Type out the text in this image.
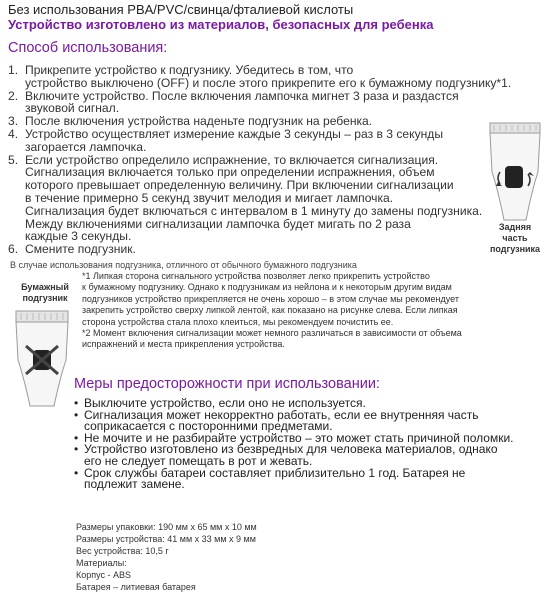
Без использования PBA/PVC/свинца/фталиевой кислоты
Устройство изготовлено из материалов, безопасных для ребенка
Способ использования:
1. Прикрепите устройство к подгузнику. Убедитесь в том, что
устройство выключено (OFF) и после этого прикрепите его к бумажному подгузнику*1.
2. Включите устройство. После включения лампочка мигнет 3 раза и раздастся
звуковой сигнал.
3. После включения устройства наденьте подгузник на ребенка.
4. Устройство осуществляет измерение каждые 3 секунды – раз в 3 секунды
загорается лампочка.
5. Если устройство определило испражнение, то включается сигнализация.
Сигнализация включается только при определении испражнения, объем
которого превышает определенную величину. При включении сигнализации
в течение примерно 5 секунд звучит мелодия и мигает лампочка.
Сигнализация будет включаться с интервалом в 1 минуту до замены подгузника.
Между включениями сигнализации лампочка будет мигать по 2 раза
каждые 3 секунды.
6. Смените подгузник.
Задняя
часть
подгузника
В случае использования подгузника, отличного от обычного бумажного подгузника
Бумажный
подгузник

*1 Липкая сторона сигнального устройства позволяет легко прикрепить устройство
к бумажному подгузнику. Однако к подгузникам из нейлона и к некоторым другим видам
подгузников устройство прикрепляется не очень хорошо – в этом случае мы рекомендует
закрепить устройство сверху липкой лентой, как показано на рисунке слева. Если липкая
сторона устройства стала плохо клеиться, мы рекомендуем почистить ее.

*2 Момент включения сигнализации может немного различаться в зависимости от объема
испражнений и места прикрепления устройства.

Меры предосторожности при использовании:
• Выключите устройство, если оно не используется.
• Сигнализация может некорректно работать, если ее внутренняя часть
соприкасается с посторонними предметами.
• Не мочите и не разбирайте устройство – это может стать причиной поломки.
• Устройство изготовлено из безвредных для человека материалов, однако
его не следует помещать в рот и жевать.
• Срок службы батареи составляет приблизительно 1 год. Батарея не
подлежит замене.
Размеры упаковки: 190 мм x 65 мм x 10 мм
Размеры устройства: 41 мм x 33 мм x 9 мм
Вес устройства: 10,5 г
Материалы:
Корпус - ABS
Батарея – литиевая батарея
